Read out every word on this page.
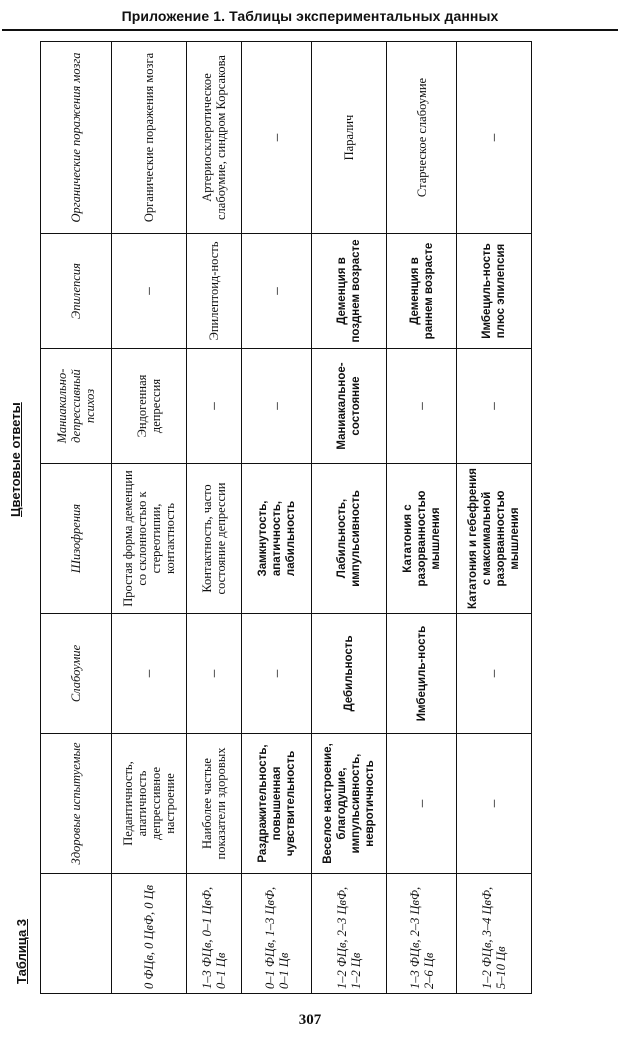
Приложение 1. Таблицы экспериментальных данных
Таблица 3
Цветовые ответы
	Здоровые испытуемые	Слабоумие	Шизофрения	Маниакально-депрессивный психоз	Эпилепсия	Органические поражения мозга
0 ФЦв, 0 ЦвФ, 0 Цв	Педантичность, апатичность депрессивное настроение	–	Простая форма деменции со склонностью к стереотипии, контактность	Эндогенная депрессия	–	Органические поражения мозга
1–3 ФЦв, 0–1 ЦвФ, 0–1 Цв	Наиболее частые показатели здоровых	–	Контактность, часто состояние депрессии	–	Эпилептоид-ность	Артериосклеротическое слабоумие, синдром Корсакова
0–1 ФЦв, 1–3 ЦвФ, 0–1 Цв	Раздражительность, повышенная чувствительность	–	Замкнутость, апатичность, лабильность	–	–	–
1–2 ФЦв, 2–3 ЦвФ, 1–2 Цв	Веселое настроение, благодушие, импульсивность, невротичность	Дебильность	Лабильность, импульсивность	Маниакальное-состояние	Деменция в позднем возрасте	Паралич
1–3 ФЦв, 2–3 ЦвФ, 2–6 Цв	–	Имбециль-ность	Кататония с разорванностью мышления	–	Деменция в раннем возрасте	Старческое слабоумие
1–2 ФЦв, 3–4 ЦвФ, 5–10 Цв	–	–	Кататония и гебефрения с максимальной разорванностью мышления	–	Имбециль-ность плюс эпилепсия	–
307
